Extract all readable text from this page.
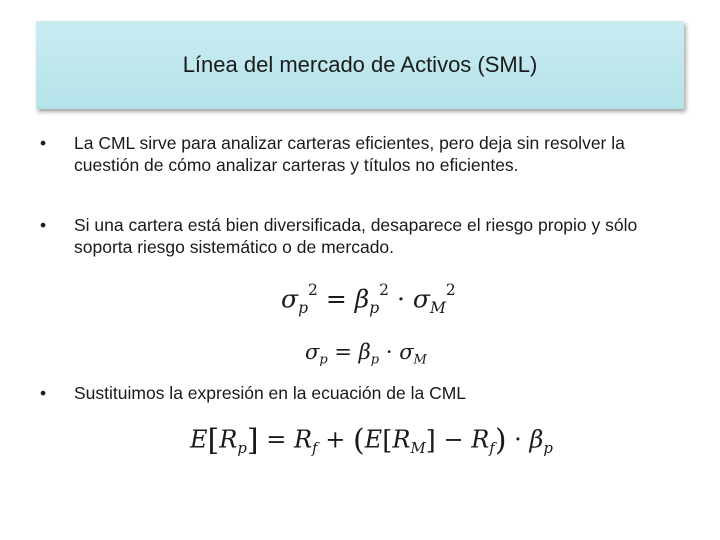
Línea del mercado de Activos (SML)
•	La CML sirve para analizar carteras eficientes, pero deja sin resolver la cuestión de cómo analizar carteras y títulos no eficientes.
•	Si una cartera está bien diversificada, desaparece el riesgo propio y sólo soporta riesgo sistemático o de mercado.
$\sigma_p^2 = \beta_p^2 \cdot \sigma_M^2$
$\sigma_p = \beta_p \cdot \sigma_M$
•	Sustituimos la expresión en la ecuación de la CML
$E[R_p] = R_f + (E[R_M] - R_f) \cdot \beta_p$
